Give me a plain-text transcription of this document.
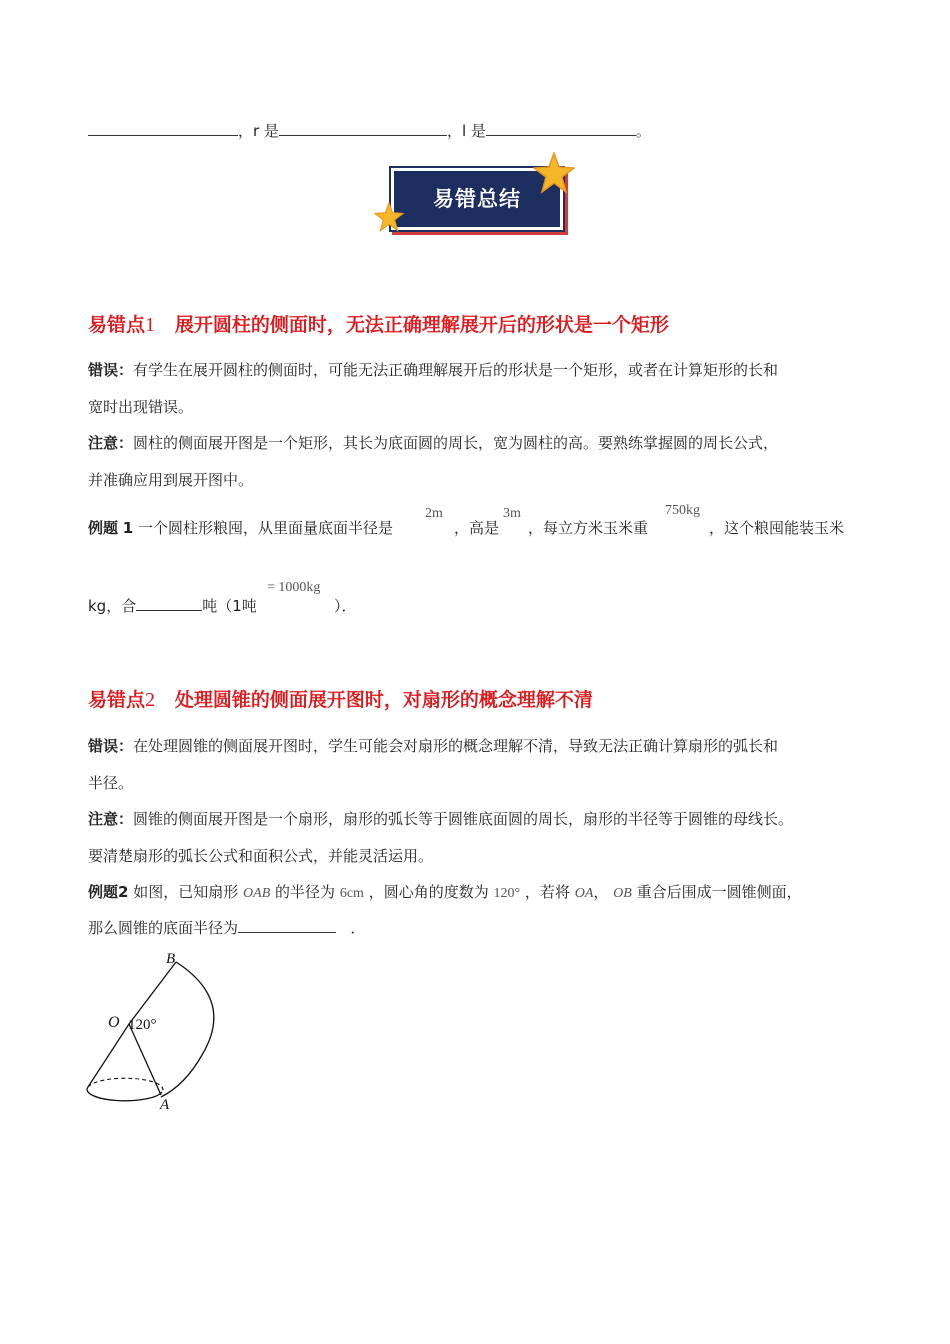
，r 是	，l 是	。
易错总结
易错点1 展开圆柱的侧面时，无法正确理解展开后的形状是一个矩形
错误：有学生在展开圆柱的侧面时，可能无法正确理解展开后的形状是一个矩形，或者在计算矩形的长和
宽时出现错误。
注意：圆柱的侧面展开图是一个矩形，其长为底面圆的周长，宽为圆柱的高。要熟练掌握圆的周长公式，
并准确应用到展开图中。
例题 1 一个圆柱形粮囤，从里面量底面半径是
2m
，高是
3m
，每立方米玉米重
750kg
，这个粮囤能装玉米
kg，合	吨（1吨
= 1000kg
）．
易错点2 处理圆锥的侧面展开图时，对扇形的概念理解不清
错误：在处理圆锥的侧面展开图时，学生可能会对扇形的概念理解不清，导致无法正确计算扇形的弧长和
半径。
注意：圆锥的侧面展开图是一个扇形，扇形的弧长等于圆锥底面圆的周长，扇形的半径等于圆锥的母线长。
要清楚扇形的弧长公式和面积公式，并能灵活运用。
例题2 如图，已知扇形 OAB 的半径为 6cm ，圆心角的度数为 120° ，若将 OA， OB 重合后围成一圆锥侧面，
那么圆锥的底面半径为	．
B
O 120°
A
